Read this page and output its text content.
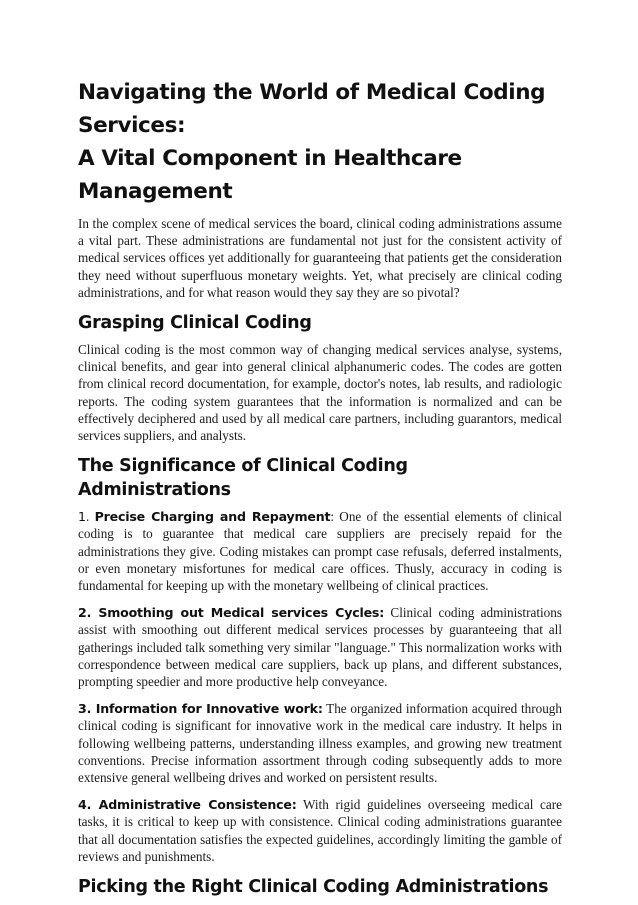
Navigating the World of Medical Coding Services:
A Vital Component in Healthcare Management

In the complex scene of medical services the board, clinical coding administrations assume a vital part. These administrations are fundamental not just for the consistent activity of medical services offices yet additionally for guaranteeing that patients get the consideration they need without superfluous monetary weights. Yet, what precisely are clinical coding administrations, and for what reason would they say they are so pivotal?

Grasping Clinical Coding

Clinical coding is the most common way of changing medical services analyse, systems, clinical benefits, and gear into general clinical alphanumeric codes. The codes are gotten from clinical record documentation, for example, doctor's notes, lab results, and radiologic reports. The coding system guarantees that the information is normalized and can be effectively deciphered and used by all medical care partners, including guarantors, medical services suppliers, and analysts.

The Significance of Clinical Coding Administrations

1. Precise Charging and Repayment: One of the essential elements of clinical coding is to guarantee that medical care suppliers are precisely repaid for the administrations they give. Coding mistakes can prompt case refusals, deferred instalments, or even monetary misfortunes for medical care offices. Thusly, accuracy in coding is fundamental for keeping up with the monetary wellbeing of clinical practices.

2. Smoothing out Medical services Cycles: Clinical coding administrations assist with smoothing out different medical services processes by guaranteeing that all gatherings included talk something very similar "language." This normalization works with correspondence between medical care suppliers, back up plans, and different substances, prompting speedier and more productive help conveyance.

3. Information for Innovative work: The organized information acquired through clinical coding is significant for innovative work in the medical care industry. It helps in following wellbeing patterns, understanding illness examples, and growing new treatment conventions. Precise information assortment through coding subsequently adds to more extensive general wellbeing drives and worked on persistent results.

4. Administrative Consistence: With rigid guidelines overseeing medical care tasks, it is critical to keep up with consistence. Clinical coding administrations guarantee that all documentation satisfies the expected guidelines, accordingly limiting the gamble of reviews and punishments.

Picking the Right Clinical Coding Administrations
